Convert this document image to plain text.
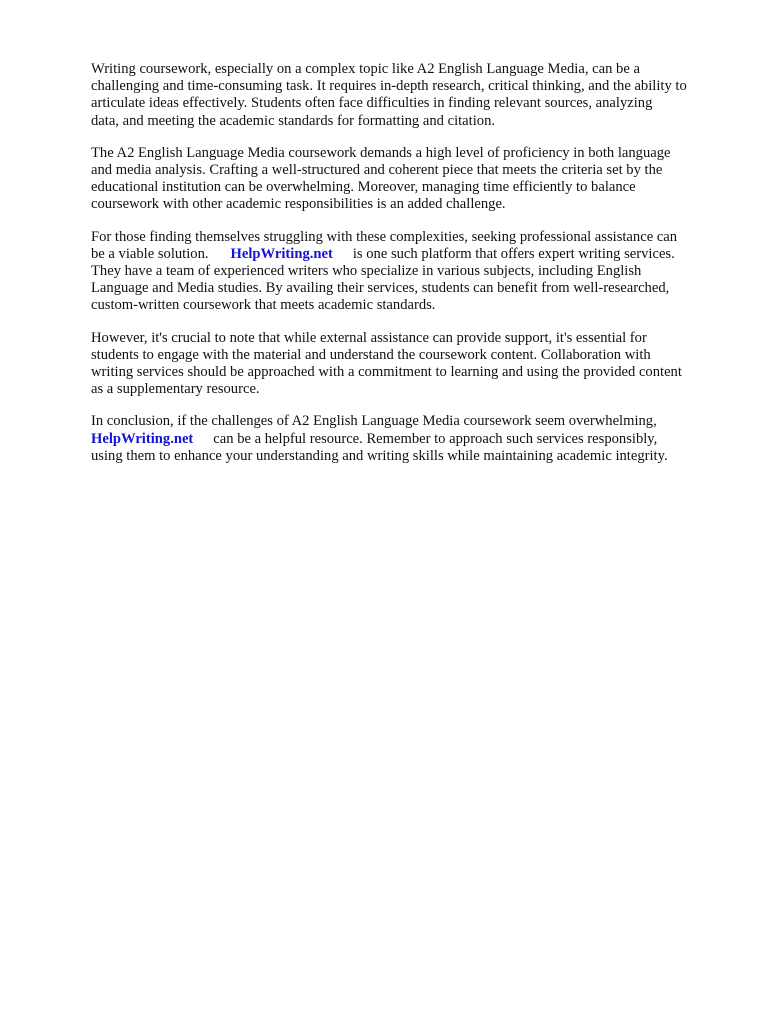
Writing coursework, especially on a complex topic like A2 English Language Media, can be a
challenging and time-consuming task. It requires in-depth research, critical thinking, and the ability to
articulate ideas effectively. Students often face difficulties in finding relevant sources, analyzing
data, and meeting the academic standards for formatting and citation.

The A2 English Language Media coursework demands a high level of proficiency in both language
and media analysis. Crafting a well-structured and coherent piece that meets the criteria set by the
educational institution can be overwhelming. Moreover, managing time efficiently to balance
coursework with other academic responsibilities is an added challenge.

For those finding themselves struggling with these complexities, seeking professional assistance can
be a viable solution. HelpWriting.net is one such platform that offers expert writing services.
They have a team of experienced writers who specialize in various subjects, including English
Language and Media studies. By availing their services, students can benefit from well-researched,
custom-written coursework that meets academic standards.

However, it's crucial to note that while external assistance can provide support, it's essential for
students to engage with the material and understand the coursework content. Collaboration with
writing services should be approached with a commitment to learning and using the provided content
as a supplementary resource.

In conclusion, if the challenges of A2 English Language Media coursework seem overwhelming,
HelpWriting.net can be a helpful resource. Remember to approach such services responsibly,
using them to enhance your understanding and writing skills while maintaining academic integrity.
